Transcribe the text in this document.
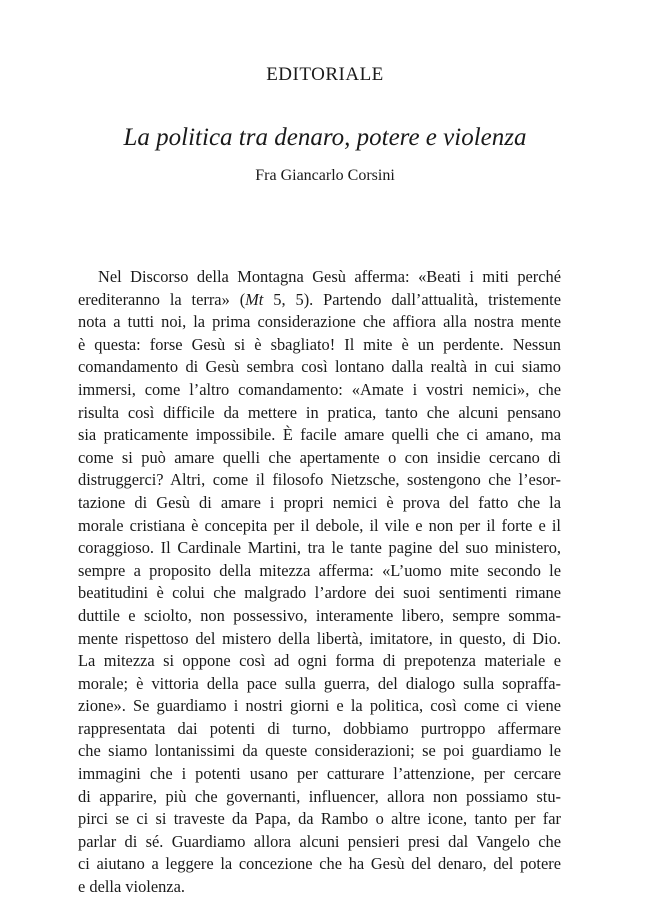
EDITORIALE
La politica tra denaro, potere e violenza
Fra Giancarlo Corsini
Nel Discorso della Montagna Gesù afferma: «Beati i miti perché
erediteranno la terra» (Mt 5, 5). Partendo dall’attualità, tristemente
nota a tutti noi, la prima considerazione che affiora alla nostra mente
è questa: forse Gesù si è sbagliato! Il mite è un perdente. Nessun
comandamento di Gesù sembra così lontano dalla realtà in cui siamo
immersi, come l’altro comandamento: «Amate i vostri nemici», che
risulta così difficile da mettere in pratica, tanto che alcuni pensano
sia praticamente impossibile. È facile amare quelli che ci amano, ma
come si può amare quelli che apertamente o con insidie cercano di
distruggerci? Altri, come il filosofo Nietzsche, sostengono che l’esor-
tazione di Gesù di amare i propri nemici è prova del fatto che la
morale cristiana è concepita per il debole, il vile e non per il forte e il
coraggioso. Il Cardinale Martini, tra le tante pagine del suo ministero,
sempre a proposito della mitezza afferma: «L’uomo mite secondo le
beatitudini è colui che malgrado l’ardore dei suoi sentimenti rimane
duttile e sciolto, non possessivo, interamente libero, sempre somma-
mente rispettoso del mistero della libertà, imitatore, in questo, di Dio.
La mitezza si oppone così ad ogni forma di prepotenza materiale e
morale; è vittoria della pace sulla guerra, del dialogo sulla sopraffa-
zione». Se guardiamo i nostri giorni e la politica, così come ci viene
rappresentata dai potenti di turno, dobbiamo purtroppo affermare
che siamo lontanissimi da queste considerazioni; se poi guardiamo le
immagini che i potenti usano per catturare l’attenzione, per cercare
di apparire, più che governanti, influencer, allora non possiamo stu-
pirci se ci si traveste da Papa, da Rambo o altre icone, tanto per far
parlar di sé. Guardiamo allora alcuni pensieri presi dal Vangelo che
ci aiutano a leggere la concezione che ha Gesù del denaro, del potere
e della violenza.
